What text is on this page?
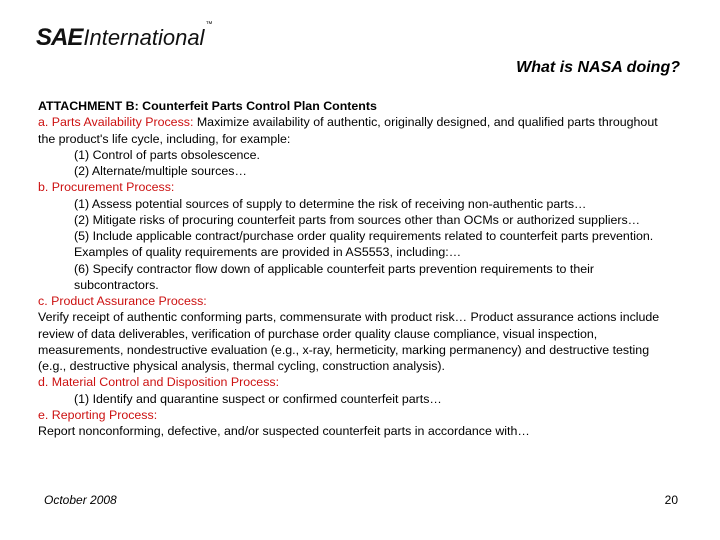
SAE International
™
What is NASA doing?

ATTACHMENT B: Counterfeit Parts Control Plan Contents

a. Parts Availability Process: Maximize availability of authentic, originally designed, and qualified parts throughout the product's life cycle, including, for example:

(1) Control of parts obsolescence.

(2) Alternate/multiple sources…

b. Procurement Process:

(1) Assess potential sources of supply to determine the risk of receiving non-authentic parts…

(2) Mitigate risks of procuring counterfeit parts from sources other than OCMs or authorized suppliers…

(5) Include applicable contract/purchase order quality requirements related to counterfeit parts prevention. Examples of quality requirements are provided in AS5553, including:…

(6) Specify contractor flow down of applicable counterfeit parts prevention requirements to their subcontractors.

c. Product Assurance Process:

Verify receipt of authentic conforming parts, commensurate with product risk… Product assurance actions include review of data deliverables, verification of purchase order quality clause compliance, visual inspection, measurements, nondestructive evaluation (e.g., x-ray, hermeticity, marking permanency) and destructive testing (e.g., destructive physical analysis, thermal cycling, construction analysis).

d. Material Control and Disposition Process:

(1) Identify and quarantine suspect or confirmed counterfeit parts…

e. Reporting Process:

Report nonconforming, defective, and/or suspected counterfeit parts in accordance with…

October 2008	20
